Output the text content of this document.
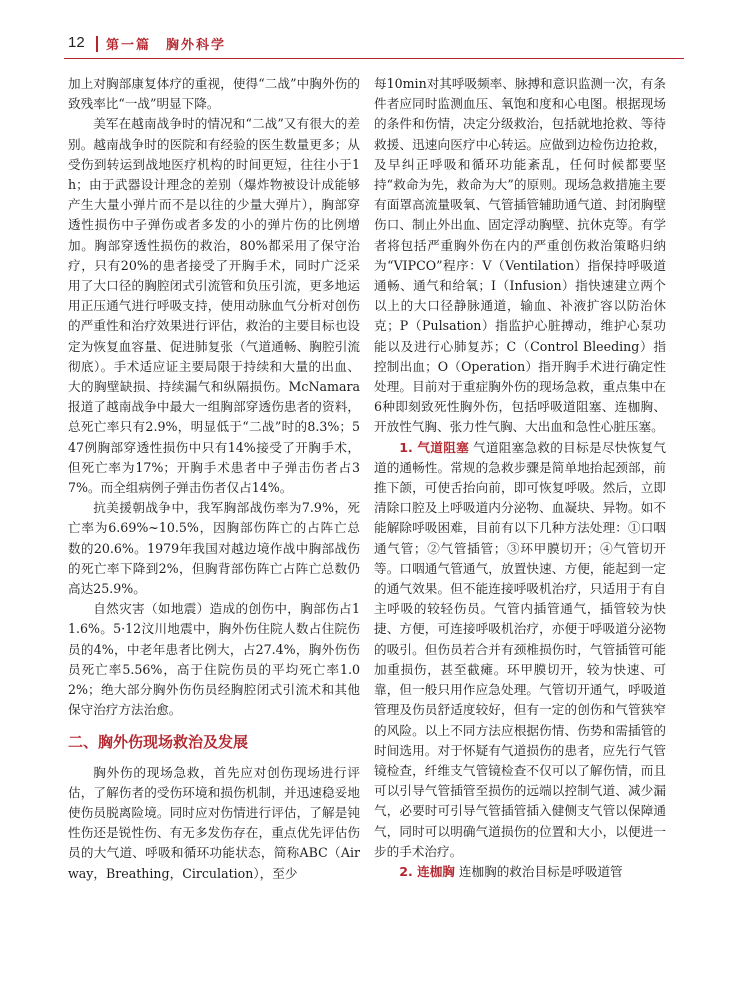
12 第一篇　胸外科学

加上对胸部康复体疗的重视，使得“二战”中胸外伤的致残率比“一战”明显下降。

美军在越南战争时的情况和“二战”又有很大的差别。越南战争时的医院和有经验的医生数量更多；从受伤到转运到战地医疗机构的时间更短，往往小于1h；由于武器设计理念的差别（爆炸物被设计成能够产生大量小弹片而不是以往的少量大弹片），胸部穿透性损伤中子弹伤或者多发的小的弹片伤的比例增加。胸部穿透性损伤的救治，80%都采用了保守治疗，只有20%的患者接受了开胸手术，同时广泛采用了大口径的胸腔闭式引流管和负压引流，更多地运用正压通气进行呼吸支持，使用动脉血气分析对创伤的严重性和治疗效果进行评估，救治的主要目标也设定为恢复血容量、促进肺复张（气道通畅、胸腔引流彻底）。手术适应证主要局限于持续和大量的出血、大的胸壁缺损、持续漏气和纵隔损伤。McNamara报道了越南战争中最大一组胸部穿透伤患者的资料，总死亡率只有2.9%，明显低于“二战”时的8.3%；547例胸部穿透性损伤中只有14%接受了开胸手术，但死亡率为17%；开胸手术患者中子弹击伤者占37%。而全组病例子弹击伤者仅占14%。

抗美援朝战争中，我军胸部战伤率为7.9%，死亡率为6.69%~10.5%，因胸部伤阵亡的占阵亡总数的20.6%。1979年我国对越边境作战中胸部战伤的死亡率下降到2%，但胸背部伤阵亡占阵亡总数仍高达25.9%。

自然灾害（如地震）造成的创伤中，胸部伤占11.6%。5·12汶川地震中，胸外伤住院人数占住院伤员的4%，中老年患者比例大，占27.4%，胸外伤伤员死亡率5.56%，高于住院伤员的平均死亡率1.02%；绝大部分胸外伤伤员经胸腔闭式引流术和其他保守治疗方法治愈。

二、胸外伤现场救治及发展

胸外伤的现场急救，首先应对创伤现场进行评估，了解伤者的受伤环境和损伤机制，并迅速稳妥地使伤员脱离险境。同时应对伤情进行评估，了解是钝性伤还是锐性伤、有无多发伤存在，重点优先评估伤员的大气道、呼吸和循环功能状态，简称ABC（Airway，Breathing，Circulation），至少

每10min对其呼吸频率、脉搏和意识监测一次，有条件者应同时监测血压、氧饱和度和心电图。根据现场的条件和伤情，决定分级救治，包括就地抢救、等待救援、迅速向医疗中心转运。应做到边检伤边抢救，及早纠正呼吸和循环功能紊乱，任何时候都要坚持“救命为先，救命为大”的原则。现场急救措施主要有面罩高流量吸氧、气管插管辅助通气道、封闭胸壁伤口、制止外出血、固定浮动胸壁、抗休克等。有学者将包括严重胸外伤在内的严重创伤救治策略归纳为“VIPCO”程序：V（Ventilation）指保持呼吸道通畅、通气和给氧；I（Infusion）指快速建立两个以上的大口径静脉通道，输血、补液扩容以防治休克；P（Pulsation）指监护心脏搏动，维护心泵功能以及进行心肺复苏；C（Control Bleeding）指控制出血；O（Operation）指开胸手术进行确定性处理。目前对于重症胸外伤的现场急救，重点集中在6种即刻致死性胸外伤，包括呼吸道阻塞、连枷胸、开放性气胸、张力性气胸、大出血和急性心脏压塞。

1. 气道阻塞 气道阻塞急救的目标是尽快恢复气道的通畅性。常规的急救步骤是简单地抬起颈部，前推下颌，可使舌抬向前，即可恢复呼吸。然后，立即清除口腔及上呼吸道内分泌物、血凝块、异物。如不能解除呼吸困难，目前有以下几种方法处理：①口咽通气管；②气管插管；③环甲膜切开；④气管切开等。口咽通气管通气，放置快速、方便，能起到一定的通气效果。但不能连接呼吸机治疗，只适用于有自主呼吸的较轻伤员。气管内插管通气，插管较为快捷、方便，可连接呼吸机治疗，亦便于呼吸道分泌物的吸引。但伤员若合并有颈椎损伤时，气管插管可能加重损伤，甚至截瘫。环甲膜切开，较为快速、可靠，但一般只用作应急处理。气管切开通气，呼吸道管理及伤员舒适度较好，但有一定的创伤和气管狭窄的风险。以上不同方法应根据伤情、伤势和需插管的时间选用。对于怀疑有气道损伤的患者，应先行气管镜检查，纤维支气管镜检查不仅可以了解伤情，而且可以引导气管插管至损伤的远端以控制气道、减少漏气，必要时可引导气管插管插入健侧支气管以保障通气，同时可以明确气道损伤的位置和大小，以便进一步的手术治疗。

2. 连枷胸 连枷胸的救治目标是呼吸道管
